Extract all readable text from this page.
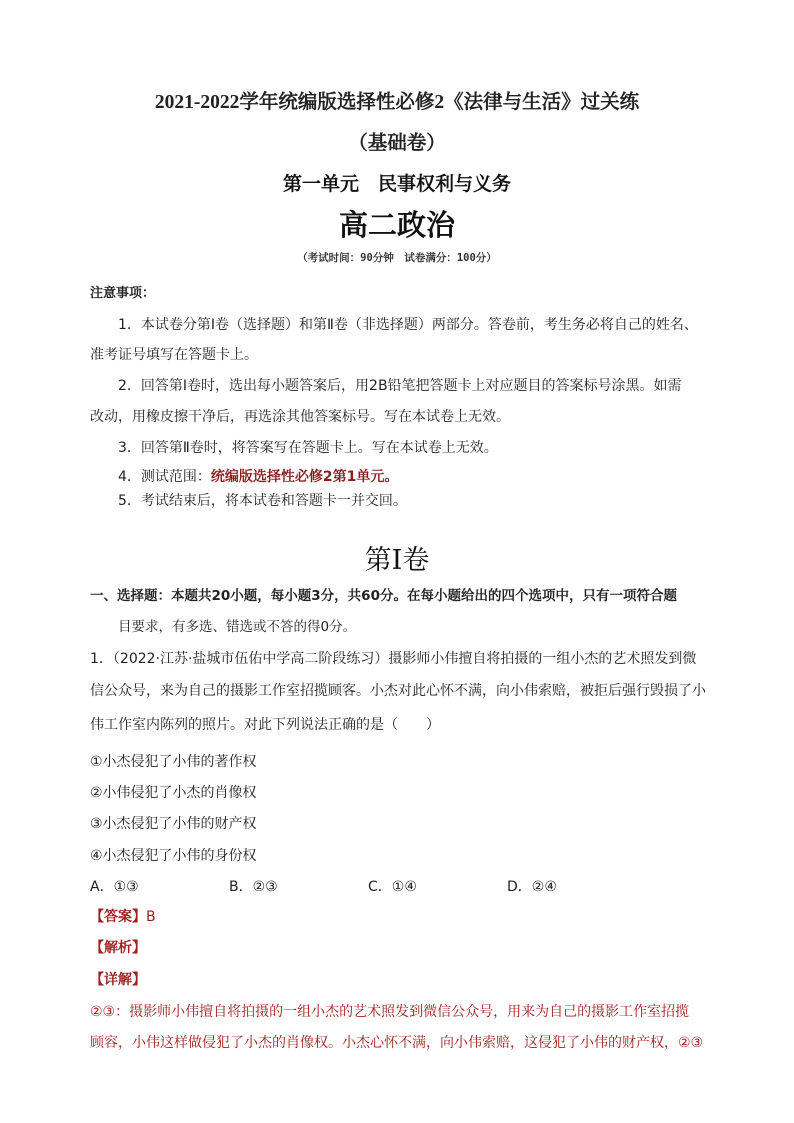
2021-2022学年统编版选择性必修2《法律与生活》过关练
（基础卷）
第一单元　民事权利与义务
高二政治
（考试时间：90分钟　试卷满分：100分）
注意事项：
1．本试卷分第Ⅰ卷（选择题）和第Ⅱ卷（非选择题）两部分。答卷前，考生务必将自己的姓名、
准考证号填写在答题卡上。
2．回答第Ⅰ卷时，选出每小题答案后，用2B铅笔把答题卡上对应题目的答案标号涂黑。如需
改动，用橡皮擦干净后，再选涂其他答案标号。写在本试卷上无效。
3．回答第Ⅱ卷时，将答案写在答题卡上。写在本试卷上无效。
4．测试范围：统编版选择性必修2第1单元。
5．考试结束后，将本试卷和答题卡一并交回。
第Ⅰ卷
一、选择题：本题共20小题，每小题3分，共60分。在每小题给出的四个选项中，只有一项符合题
目要求，有多选、错选或不答的得0分。
1．（2022·江苏·盐城市伍佑中学高二阶段练习）摄影师小伟擅自将拍摄的一组小杰的艺术照发到微
信公众号，来为自己的摄影工作室招揽顾客。小杰对此心怀不满，向小伟索赔，被拒后强行毁损了小
伟工作室内陈列的照片。对此下列说法正确的是（　　）
①小杰侵犯了小伟的著作权
②小伟侵犯了小杰的肖像权
③小杰侵犯了小伟的财产权
④小杰侵犯了小伟的身份权
A．①③	B．②③	C．①④	D．②④
【答案】B
【解析】
【详解】
②③：摄影师小伟擅自将拍摄的一组小杰的艺术照发到微信公众号，用来为自己的摄影工作室招揽
顾容，小伟这样做侵犯了小杰的肖像权。小杰心怀不满，向小伟索赔，这侵犯了小伟的财产权，②③
